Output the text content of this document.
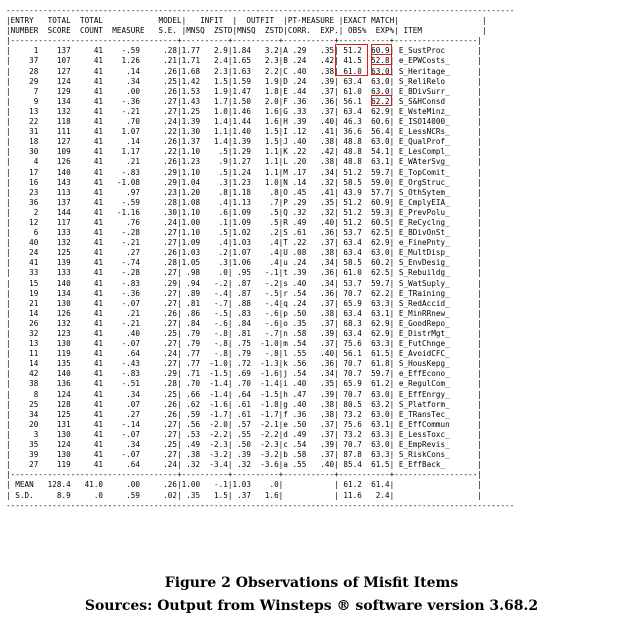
--------------------------------------------------------------------------------------------------------------
|ENTRY   TOTAL  TOTAL            MODEL|   INFIT  |  OUTFIT  |PT-MEASURE |EXACT MATCH|                  |
|NUMBER  SCORE  COUNT  MEASURE   S.E. |MNSQ  ZSTD|MNSQ  ZSTD|CORR.  EXP.| OBS%  EXP%| ITEM             |
|------------------------------------+----------+----------+-----------+-----------+------------------|
|     1    137     41    -.59     .28|1.77   2.9|1.84   3.2|A .29   .35| 51.2  60.9| E_SustProc       |
|    37    107     41    1.26     .21|1.71   2.4|1.65   2.3|B .24   .42| 41.5  52.8| e_EPWCosts_      |
|    28    127     41     .14     .26|1.68   2.3|1.63   2.2|C .40   .38| 61.0  63.0| S_Heritage_      |
|    29    124     41     .34     .25|1.42   1.5|1.59   1.9|D .24   .39| 63.4  63.0| S_ReliRelo       |
|     7    129     41     .00     .26|1.53   1.9|1.47   1.8|E .44   .37| 61.0  63.0| E_BDivSurr_      |
|     9    134     41    -.36     .27|1.43   1.7|1.50   2.0|F .36   .36| 56.1  62.2| S_S&HConsd       |
|    13    132     41    -.21     .27|1.25   1.0|1.46   1.6|G .33   .37| 63.4  62.9| E_WsteMinz_      |
|    22    118     41     .70     .24|1.39   1.4|1.44   1.6|H .39   .40| 46.3  60.6| E_ISO14000_      |
|    31    111     41    1.07     .22|1.30   1.1|1.40   1.5|I .12   .41| 36.6  56.4| E_LessNCRs_      |
|    18    127     41     .14     .26|1.37   1.4|1.39   1.5|J .40   .38| 48.8  63.0| E_QualProf_      |
|    30    109     41    1.17     .22|1.10    .5|1.29   1.1|K .22   .42| 48.8  54.1| E_LesCompl_      |
|     4    126     41     .21     .26|1.23    .9|1.27   1.1|L .20   .38| 48.8  63.1| E_WAterSvg_      |
|    17    140     41    -.83     .29|1.10    .5|1.24   1.1|M .17   .34| 51.2  59.7| E_TopComit_      |
|    16    143     41   -1.08     .29|1.04    .3|1.23   1.0|N .14   .32| 58.5  59.0| E_OrgStruc_      |
|    23    113     41     .97     .23|1.20    .8|1.18    .8|O .45   .41| 43.9  57.7| S_OthSytem_      |
|    36    137     41    -.59     .28|1.08    .4|1.13    .7|P .29   .35| 51.2  60.9| E_CmplyEIA_      |
|     2    144     41   -1.16     .30|1.10    .6|1.09    .5|Q .32   .32| 51.2  59.3| E_PrevPolu_      |
|    12    117     41     .76     .24|1.00    .1|1.09    .5|R .49   .40| 51.2  60.5| E_ReCyclng_      |
|     6    133     41    -.28     .27|1.10    .5|1.02    .2|S .61   .36| 53.7  62.5| E_BDivOnSt_      |
|    40    132     41    -.21     .27|1.09    .4|1.03    .4|T .22   .37| 63.4  62.9| e_FinePnty_      |
|    24    125     41     .27     .26|1.03    .2|1.07    .4|U .08   .38| 63.4  63.0| E_MultDisp_      |
|    41    139     41    -.74     .28|1.05    .3|1.06    .4|u .24   .34| 58.5  60.2| S_EnvDesig_      |
|    33    133     41    -.28     .27| .98    .0| .95   -.1|t .39   .36| 61.0  62.5| S_Rebuildg_      |
|    15    140     41    -.83     .29| .94   -.2| .87   -.2|s .40   .34| 53.7  59.7| S_WatSuply_      |
|    19    134     41    -.36     .27| .89   -.4| .87   -.5|r .54   .36| 70.7  62.2| E_TRaining_      |
|    21    130     41    -.07     .27| .81   -.7| .88   -.4|q .24   .37| 65.9  63.3| S_RedAccid_      |
|    14    126     41     .21     .26| .86   -.5| .83   -.6|p .50   .38| 63.4  63.1| E_MinRRnew_      |
|    26    132     41    -.21     .27| .84   -.6| .84   -.6|o .35   .37| 68.3  62.9| E_GoodRepo_      |
|    32    123     41     .40     .25| .79   -.8| .81   -.7|n .58   .39| 63.4  62.9| E_DistrMgt_      |
|    13    130     41    -.07     .27| .79   -.8| .75  -1.0|m .54   .37| 75.6  63.3| E_FutChnge_      |
|    11    119     41     .64     .24| .77   -.8| .79   -.8|l .55   .40| 56.1  61.5| E_AvoidCFC_      |
|    14    135     41    -.43     .27| .77  -1.0| .72  -1.3|k .56   .36| 70.7  61.8| S_HousKepg_      |
|    42    140     41    -.83     .29| .71  -1.5| .69  -1.6|j .54   .34| 70.7  59.7| e_EffEcono_      |
|    38    136     41    -.51     .28| .70  -1.4| .70  -1.4|i .40   .35| 65.9  61.2| e_RegulCom_      |
|     8    124     41     .34     .25| .66  -1.4| .64  -1.5|h .47   .39| 70.7  63.0| E_EffEnrgy_      |
|    25    128     41     .07     .26| .62  -1.6| .61  -1.8|g .40   .38| 80.5  63.2| S_Platform_      |
|    34    125     41     .27     .26| .59  -1.7| .61  -1.7|f .36   .38| 73.2  63.0| E_TRansTec_      |
|    20    131     41    -.14     .27| .56  -2.0| .57  -2.1|e .50   .37| 75.6  63.1| E_EffCommun      |
|     3    130     41    -.07     .27| .53  -2.2| .55  -2.2|d .49   .37| 73.2  63.3| E_LessToxc_      |
|    35    124     41     .34     .25| .49  -2.3| .50  -2.3|c .54   .39| 70.7  63.0| E_EmpRevis_      |
|    39    130     41    -.07     .27| .38  -3.2| .39  -3.2|b .58   .37| 87.8  63.3| S_RiskCons_      |
|    27    119     41     .64     .24| .32  -3.4| .32  -3.6|a .55   .40| 85.4  61.5| E_EffBack_       |
|------------------------------------+----------+----------+-----------+-----------+------------------|
| MEAN   128.4   41.0     .00     .26|1.00   -.1|1.03    .0|           | 61.2  61.4|                  |
| S.D.     8.9     .0     .59     .02| .35   1.5| .37   1.6|           | 11.6   2.4|                  |
--------------------------------------------------------------------------------------------------------------
Figure 2 Observations of Misfit Items
Sources: Output from Winsteps ® software version 3.68.2
